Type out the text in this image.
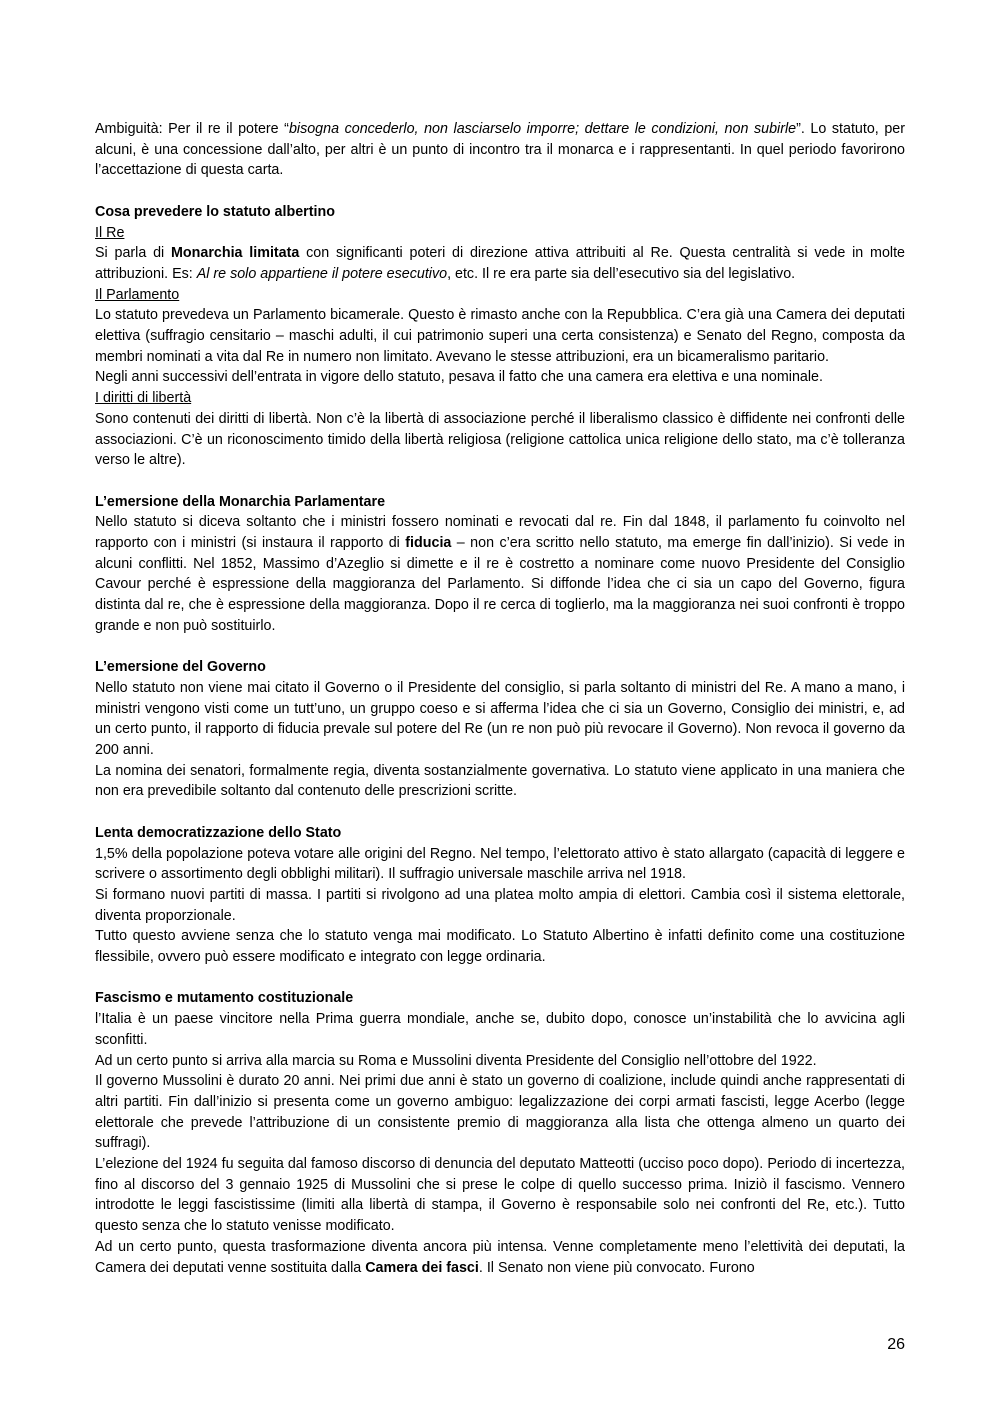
Ambiguità: Per il re il potere “bisogna concederlo, non lasciarselo imporre; dettare le condizioni, non subirle”. Lo statuto, per alcuni, è una concessione dall’alto, per altri è un punto di incontro tra il monarca e i rappresentanti. In quel periodo favorirono l’accettazione di questa carta.

Cosa prevedere lo statuto albertino

Il Re

Si parla di Monarchia limitata con significanti poteri di direzione attiva attribuiti al Re. Questa centralità si vede in molte attribuzioni. Es: Al re solo appartiene il potere esecutivo, etc. Il re era parte sia dell’esecutivo sia del legislativo.

Il Parlamento

Lo statuto prevedeva un Parlamento bicamerale. Questo è rimasto anche con la Repubblica. C’era già una Camera dei deputati elettiva (suffragio censitario – maschi adulti, il cui patrimonio superi una certa consistenza) e Senato del Regno, composta da membri nominati a vita dal Re in numero non limitato. Avevano le stesse attribuzioni, era un bicameralismo paritario.

Negli anni successivi dell’entrata in vigore dello statuto, pesava il fatto che una camera era elettiva e una nominale.

I diritti di libertà

Sono contenuti dei diritti di libertà. Non c’è la libertà di associazione perché il liberalismo classico è diffidente nei confronti delle associazioni. C’è un riconoscimento timido della libertà religiosa (religione cattolica unica religione dello stato, ma c’è tolleranza verso le altre).

L’emersione della Monarchia Parlamentare

Nello statuto si diceva soltanto che i ministri fossero nominati e revocati dal re. Fin dal 1848, il parlamento fu coinvolto nel rapporto con i ministri (si instaura il rapporto di fiducia – non c’era scritto nello statuto, ma emerge fin dall’inizio). Si vede in alcuni conflitti. Nel 1852, Massimo d’Azeglio si dimette e il re è costretto a nominare come nuovo Presidente del Consiglio Cavour perché è espressione della maggioranza del Parlamento. Si diffonde l’idea che ci sia un capo del Governo, figura distinta dal re, che è espressione della maggioranza. Dopo il re cerca di toglierlo, ma la maggioranza nei suoi confronti è troppo grande e non può sostituirlo.

L’emersione del Governo

Nello statuto non viene mai citato il Governo o il Presidente del consiglio, si parla soltanto di ministri del Re. A mano a mano, i ministri vengono visti come un tutt’uno, un gruppo coeso e si afferma l’idea che ci sia un Governo, Consiglio dei ministri, e, ad un certo punto, il rapporto di fiducia prevale sul potere del Re (un re non può più revocare il Governo). Non revoca il governo da 200 anni.

La nomina dei senatori, formalmente regia, diventa sostanzialmente governativa. Lo statuto viene applicato in una maniera che non era prevedibile soltanto dal contenuto delle prescrizioni scritte.

Lenta democratizzazione dello Stato

1,5% della popolazione poteva votare alle origini del Regno. Nel tempo, l’elettorato attivo è stato allargato (capacità di leggere e scrivere o assortimento degli obblighi militari). Il suffragio universale maschile arriva nel 1918.

Si formano nuovi partiti di massa. I partiti si rivolgono ad una platea molto ampia di elettori. Cambia così il sistema elettorale, diventa proporzionale.

Tutto questo avviene senza che lo statuto venga mai modificato. Lo Statuto Albertino è infatti definito come una costituzione flessibile, ovvero può essere modificato e integrato con legge ordinaria.

Fascismo e mutamento costituzionale

l’Italia è un paese vincitore nella Prima guerra mondiale, anche se, dubito dopo, conosce un’instabilità che lo avvicina agli sconfitti.

Ad un certo punto si arriva alla marcia su Roma e Mussolini diventa Presidente del Consiglio nell’ottobre del 1922.

Il governo Mussolini è durato 20 anni. Nei primi due anni è stato un governo di coalizione, include quindi anche rappresentati di altri partiti. Fin dall’inizio si presenta come un governo ambiguo: legalizzazione dei corpi armati fascisti, legge Acerbo (legge elettorale che prevede l’attribuzione di un consistente premio di maggioranza alla lista che ottenga almeno un quarto dei suffragi).

L’elezione del 1924 fu seguita dal famoso discorso di denuncia del deputato Matteotti (ucciso poco dopo). Periodo di incertezza, fino al discorso del 3 gennaio 1925 di Mussolini che si prese le colpe di quello successo prima. Iniziò il fascismo. Vennero introdotte le leggi fascistissime (limiti alla libertà di stampa, il Governo è responsabile solo nei confronti del Re, etc.). Tutto questo senza che lo statuto venisse modificato.

Ad un certo punto, questa trasformazione diventa ancora più intensa. Venne completamente meno l’elettività dei deputati, la Camera dei deputati venne sostituita dalla Camera dei fasci. Il Senato non viene più convocato. Furono

26
